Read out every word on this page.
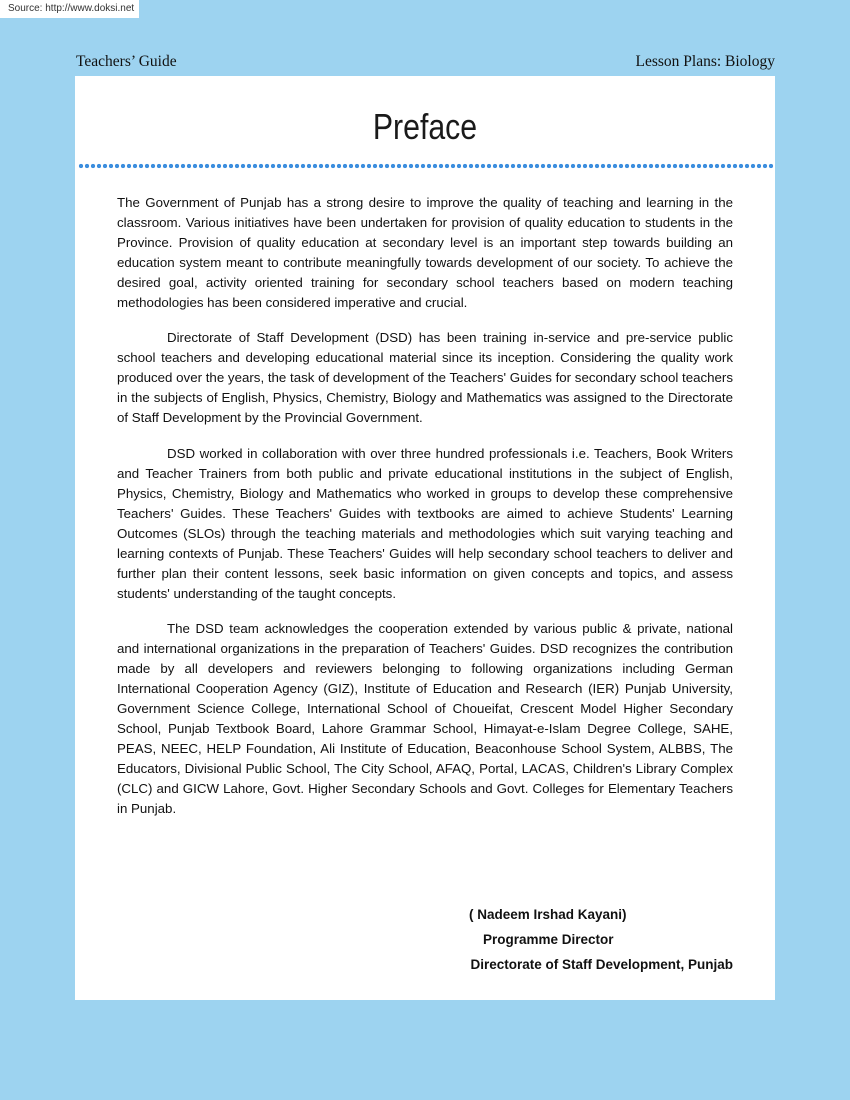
Source: http://www.doksi.net
Teachers’ Guide	Lesson Plans: Biology
Preface

The Government of Punjab has a strong desire to improve the quality of teaching and learning in the classroom. Various initiatives have been undertaken for provision of quality education to students in the Province. Provision of quality education at secondary level is an important step towards building an education system meant to contribute meaningfully towards development of our society. To achieve the desired goal, activity oriented training for secondary school teachers based on modern teaching methodologies has been considered imperative and crucial.

Directorate of Staff Development (DSD) has been training in-service and pre-service public school teachers and developing educational material since its inception. Considering the quality work produced over the years, the task of development of the Teachers' Guides for secondary school teachers in the subjects of English, Physics, Chemistry, Biology and Mathematics was assigned to the Directorate of Staff Development by the Provincial Government.

DSD worked in collaboration with over three hundred professionals i.e. Teachers, Book Writers and Teacher Trainers from both public and private educational institutions in the subject of English, Physics, Chemistry, Biology and Mathematics who worked in groups to develop these comprehensive Teachers' Guides. These Teachers' Guides with textbooks are aimed to achieve Students' Learning Outcomes (SLOs) through the teaching materials and methodologies which suit varying teaching and learning contexts of Punjab. These Teachers' Guides will help secondary school teachers to deliver and further plan their content lessons, seek basic information on given concepts and topics, and assess students' understanding of the taught concepts.

The DSD team acknowledges the cooperation extended by various public & private, national and international organizations in the preparation of Teachers' Guides. DSD recognizes the contribution made by all developers and reviewers belonging to following organizations including German International Cooperation Agency (GIZ), Institute of Education and Research (IER) Punjab University, Government Science College, International School of Choueifat, Crescent Model Higher Secondary School, Punjab Textbook Board, Lahore Grammar School, Himayat-e-Islam Degree College, SAHE, PEAS, NEEC, HELP Foundation, Ali Institute of Education, Beaconhouse School System, ALBBS, The Educators, Divisional Public School, The City School, AFAQ, Portal, LACAS, Children's Library Complex (CLC) and GICW Lahore, Govt. Higher Secondary Schools and Govt. Colleges for Elementary Teachers in Punjab.

( Nadeem Irshad Kayani)
Programme Director
Directorate of Staff Development, Punjab
